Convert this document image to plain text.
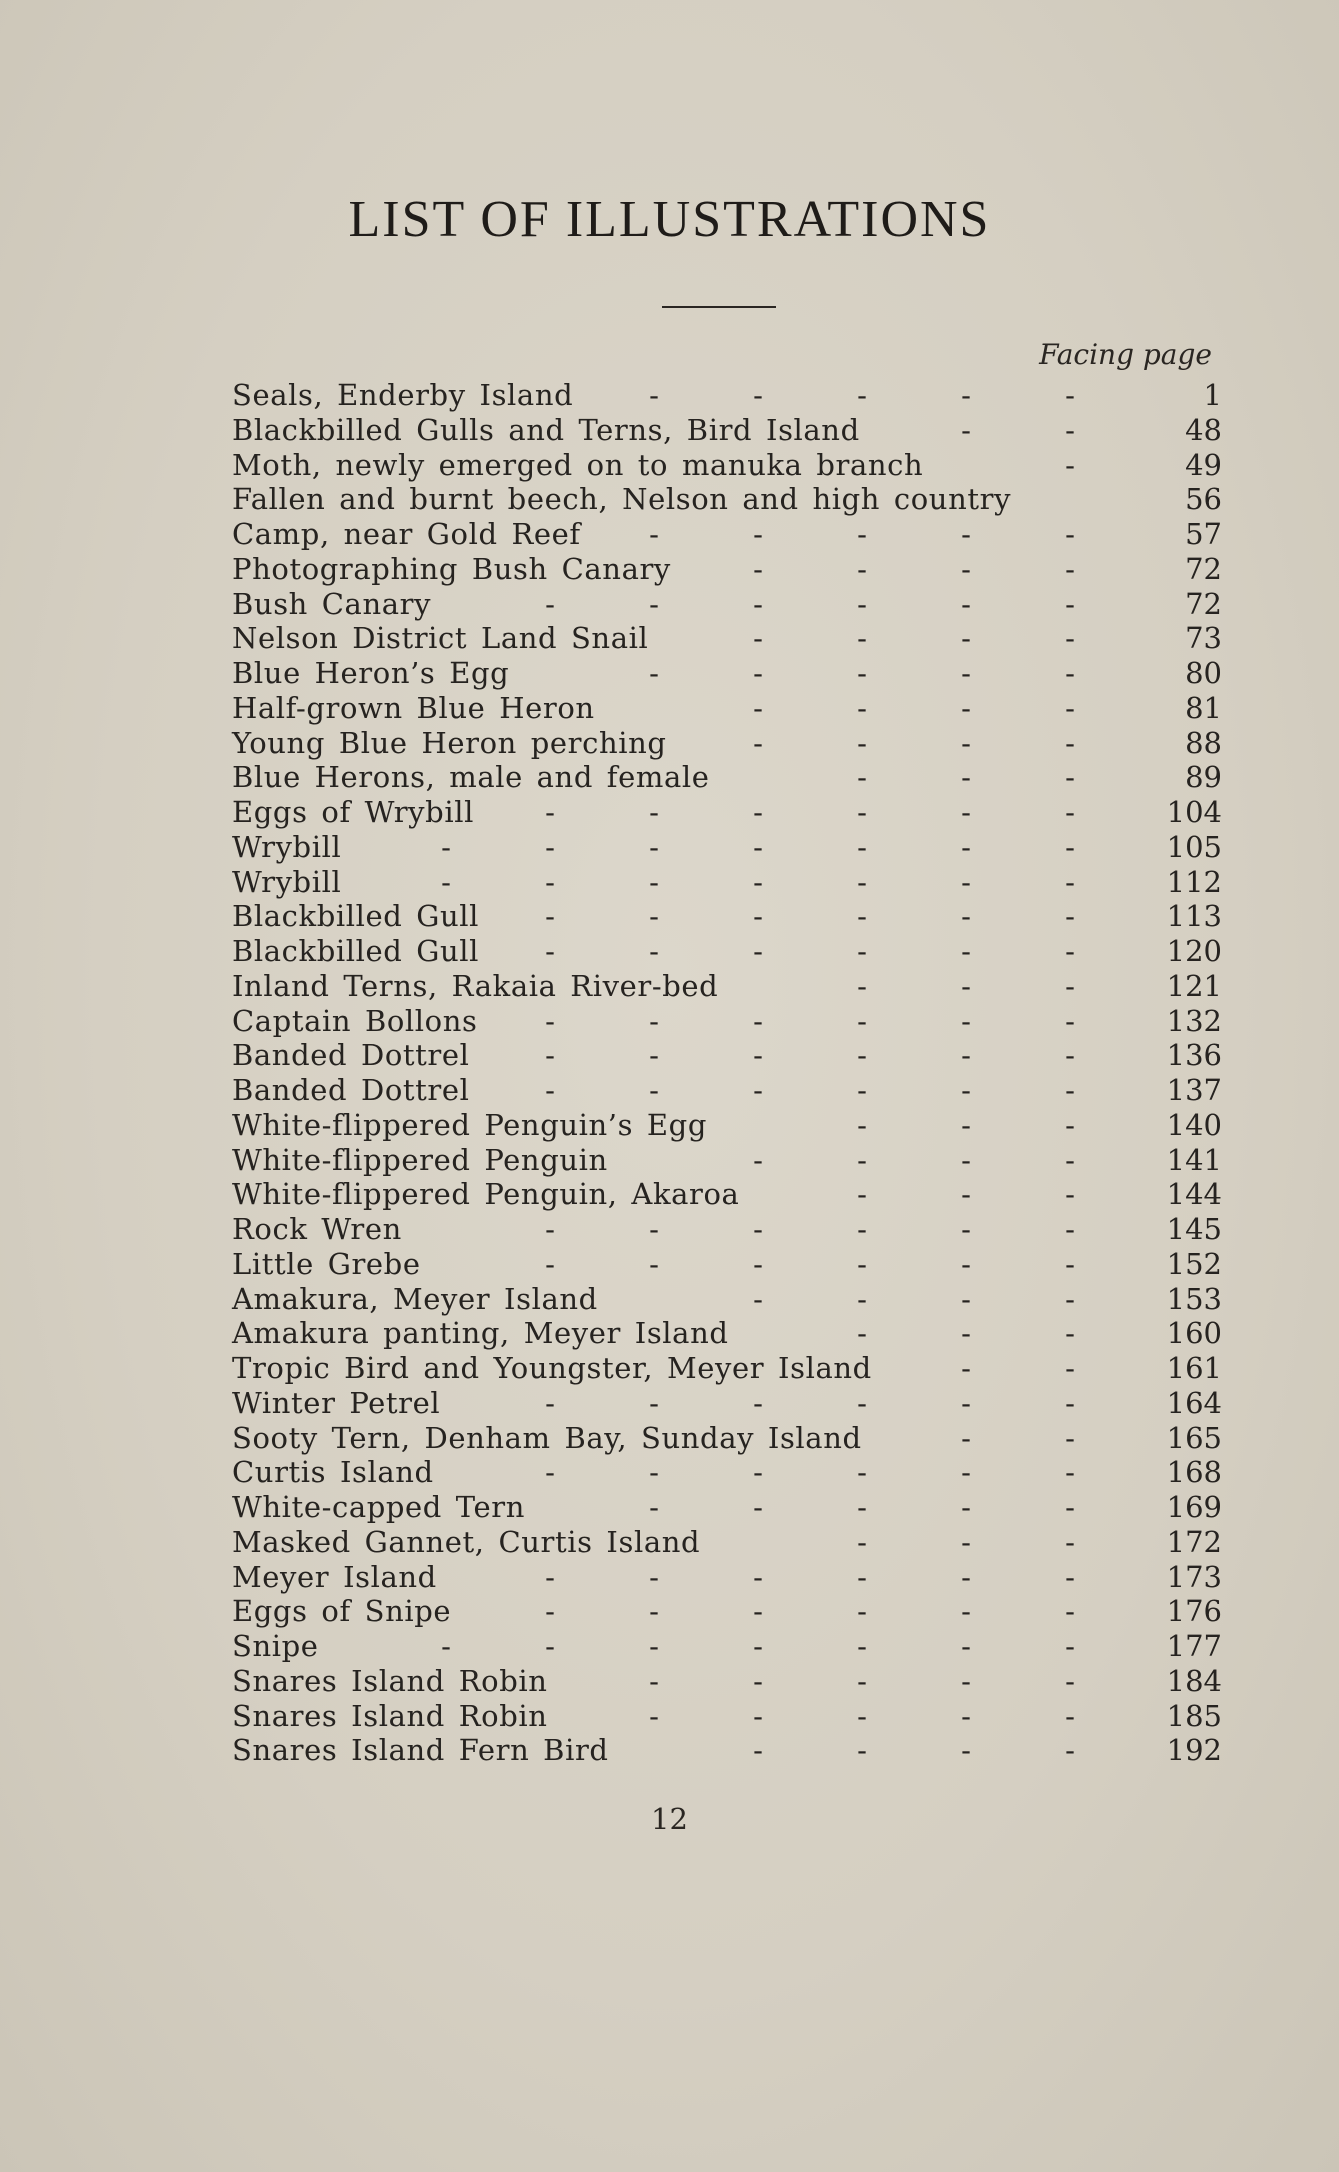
LIST OF ILLUSTRATIONS
Facing page
Seals, Enderby Island	-	-	-	-	-	1
Blackbilled Gulls and Terns, Bird Island	-	-	48
Moth, newly emerged on to manuka branch	-	49
Fallen and burnt beech, Nelson and high country	56
Camp, near Gold Reef	-	-	-	-	-	57
Photographing Bush Canary	-	-	-	-	72
Bush Canary	-	-	-	-	-	-	72
Nelson District Land Snail	-	-	-	-	73
Blue Heron’s Egg	-	-	-	-	-	80
Half-grown Blue Heron	-	-	-	-	81
Young Blue Heron perching	-	-	-	-	88
Blue Herons, male and female	-	-	-	89
Eggs of Wrybill	-	-	-	-	-	-	104
Wrybill	-	-	-	-	-	-	-	105
Wrybill	-	-	-	-	-	-	-	112
Blackbilled Gull	-	-	-	-	-	-	113
Blackbilled Gull	-	-	-	-	-	-	120
Inland Terns, Rakaia River-bed	-	-	-	121
Captain Bollons	-	-	-	-	-	-	132
Banded Dottrel	-	-	-	-	-	-	136
Banded Dottrel	-	-	-	-	-	-	137
White-flippered Penguin’s Egg	-	-	-	140
White-flippered Penguin	-	-	-	-	141
White-flippered Penguin, Akaroa	-	-	-	144
Rock Wren	-	-	-	-	-	-	145
Little Grebe	-	-	-	-	-	-	152
Amakura, Meyer Island	-	-	-	-	153
Amakura panting, Meyer Island	-	-	-	160
Tropic Bird and Youngster, Meyer Island	-	-	161
Winter Petrel	-	-	-	-	-	-	164
Sooty Tern, Denham Bay, Sunday Island	-	-	165
Curtis Island	-	-	-	-	-	-	168
White-capped Tern	-	-	-	-	-	169
Masked Gannet, Curtis Island	-	-	-	172
Meyer Island	-	-	-	-	-	-	173
Eggs of Snipe	-	-	-	-	-	-	176
Snipe	-	-	-	-	-	-	-	177
Snares Island Robin	-	-	-	-	-	184
Snares Island Robin	-	-	-	-	-	185
Snares Island Fern Bird	-	-	-	-	192
12
